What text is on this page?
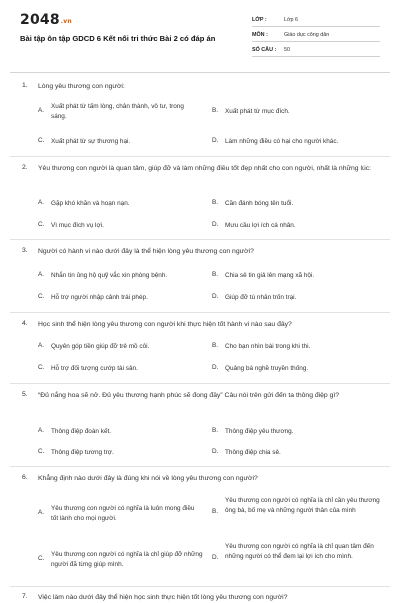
2048.vn
Bài tập ôn tập GDCD 6 Kết nối tri thức Bài 2 có đáp án
LỚP :	Lớp 6
MÔN :	Giáo dục công dân
SỐ CÂU : 50
1. Lòng yêu thương con người:
A.
Xuất phát từ tấm lòng, chân thành, vô tư, trong sáng.
B. Xuất phát từ mục đích.
C. Xuất phát từ sự thương hại.	D. Làm những điều có hại cho người khác.
2. Yêu thương con người là quan tâm, giúp đỡ và làm những điều tốt đẹp nhất cho con người, nhất là những lúc:
A. Gặp khó khăn và hoạn nạn.	B. Cần đánh bóng tên tuổi.
C. Vì mục đích vụ lợi.	D. Mưu cầu lợi ích cá nhân.
3. Người có hành vi nào dưới đây là thể hiện lòng yêu thương con người?
A. Nhắn tin ủng hộ quỹ vắc xin phòng bệnh.	B. Chia sẻ tin giả lên mạng xã hội.
C. Hỗ trợ người nhập cảnh trái phép.	D. Giúp đỡ tù nhân trốn trại.
4. Học sinh thể hiện lòng yêu thương con người khi thực hiện tốt hành vi nào sau đây?
A. Quyên góp tiền giúp đỡ trẻ mồ côi.	B. Cho bạn nhìn bài trong khi thi.
C. Hỗ trợ đối tượng cướp tài sản.	D. Quảng bá nghề truyền thống.
5. “Đủ nắng hoa sẽ nở. Đủ yêu thương hạnh phúc sẽ đong đầy” Câu nói trên gửi đến ta thông điệp gì?
A. Thông điệp đoàn kết.	B. Thông điệp yêu thương.
C. Thông điệp tương trợ.	D. Thông điệp chia sẻ.
6. Khẳng định nào dưới đây là đúng khi nói về lòng yêu thương con người?
A.
Yêu thương con người có nghĩa là luôn mong điều tốt lành cho mọi người.
B.
Yêu thương con người có nghĩa là chỉ cần yêu thương ông bà, bố mẹ và những người thân của mình
C.
Yêu thương con người có nghĩa là chỉ giúp đỡ những người đã từng giúp mình.
D.
Yêu thương con người có nghĩa là chỉ quan tâm đến những người có thể đem lại lợi ích cho mình.
7. Việc làm nào dưới đây thể hiện học sinh thực hiện tốt lòng yêu thương con người?
